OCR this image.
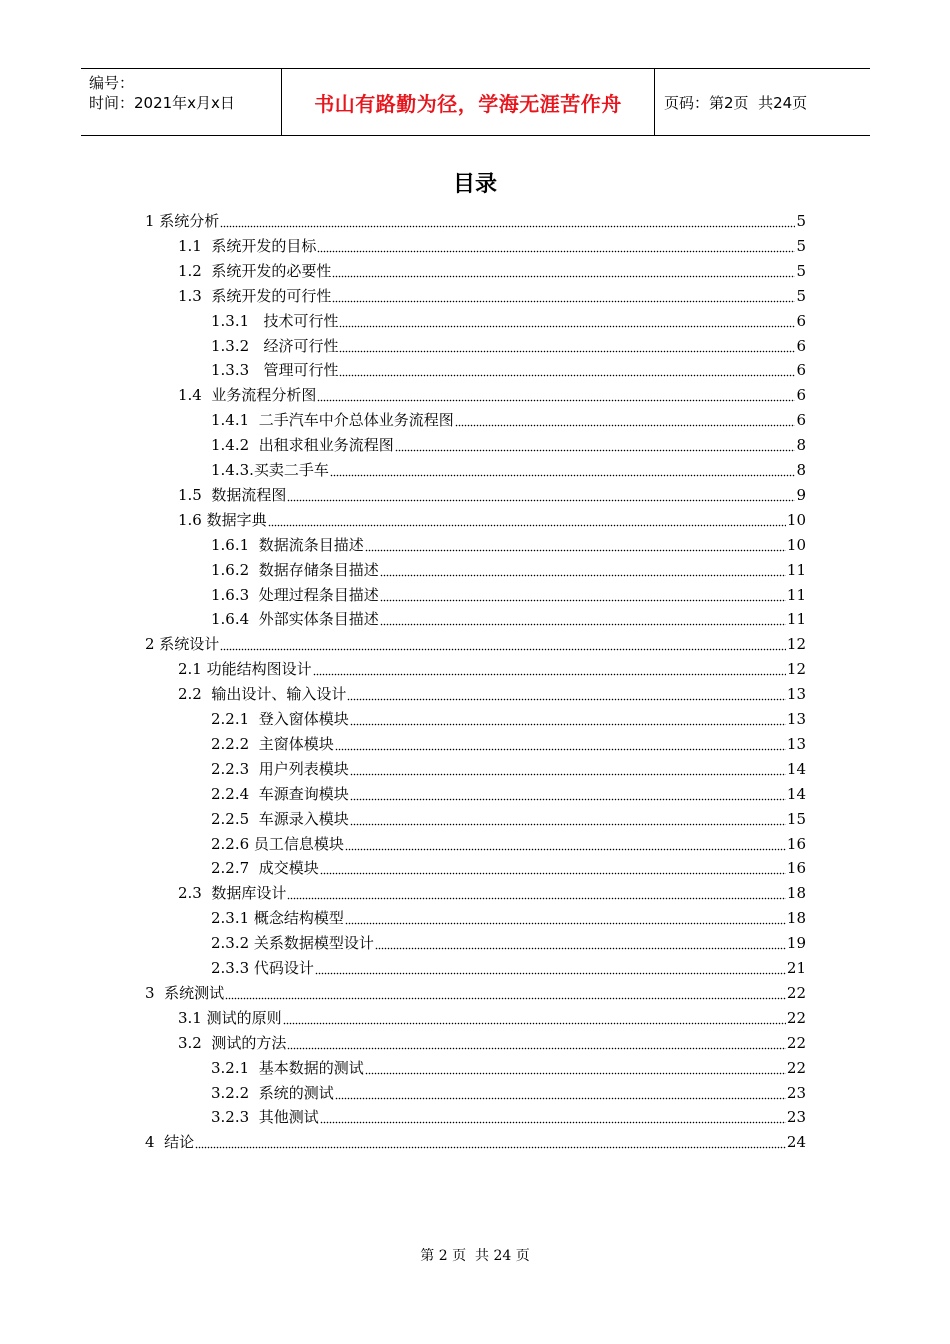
编号：
时间：2021年x月x日	书山有路勤为径，学海无涯苦作舟	页码：第2页  共24页
目录
1 系统分析	5
1.1  系统开发的目标	5
1.2  系统开发的必要性	5
1.3  系统开发的可行性	5
1.3.1   技术可行性	6
1.3.2   经济可行性	6
1.3.3   管理可行性	6
1.4  业务流程分析图	6
1.4.1  二手汽车中介总体业务流程图	6
1.4.2  出租求租业务流程图	8
1.4.3.买卖二手车	8
1.5  数据流程图	9
1.6 数据字典	10
1.6.1  数据流条目描述	10
1.6.2  数据存储条目描述	11
1.6.3  处理过程条目描述	11
1.6.4  外部实体条目描述	11
2 系统设计	12
2.1 功能结构图设计	12
2.2  输出设计、输入设计	13
2.2.1  登入窗体模块	13
2.2.2  主窗体模块	13
2.2.3  用户列表模块	14
2.2.4  车源查询模块	14
2.2.5  车源录入模块	15
2.2.6 员工信息模块	16
2.2.7  成交模块	16
2.3  数据库设计	18
2.3.1 概念结构模型	18
2.3.2 关系数据模型设计	19
2.3.3 代码设计	21
3  系统测试	22
3.1 测试的原则	22
3.2  测试的方法	22
3.2.1  基本数据的测试	22
3.2.2  系统的测试	23
3.2.3  其他测试	23
4  结论	24
第 2 页  共 24 页
